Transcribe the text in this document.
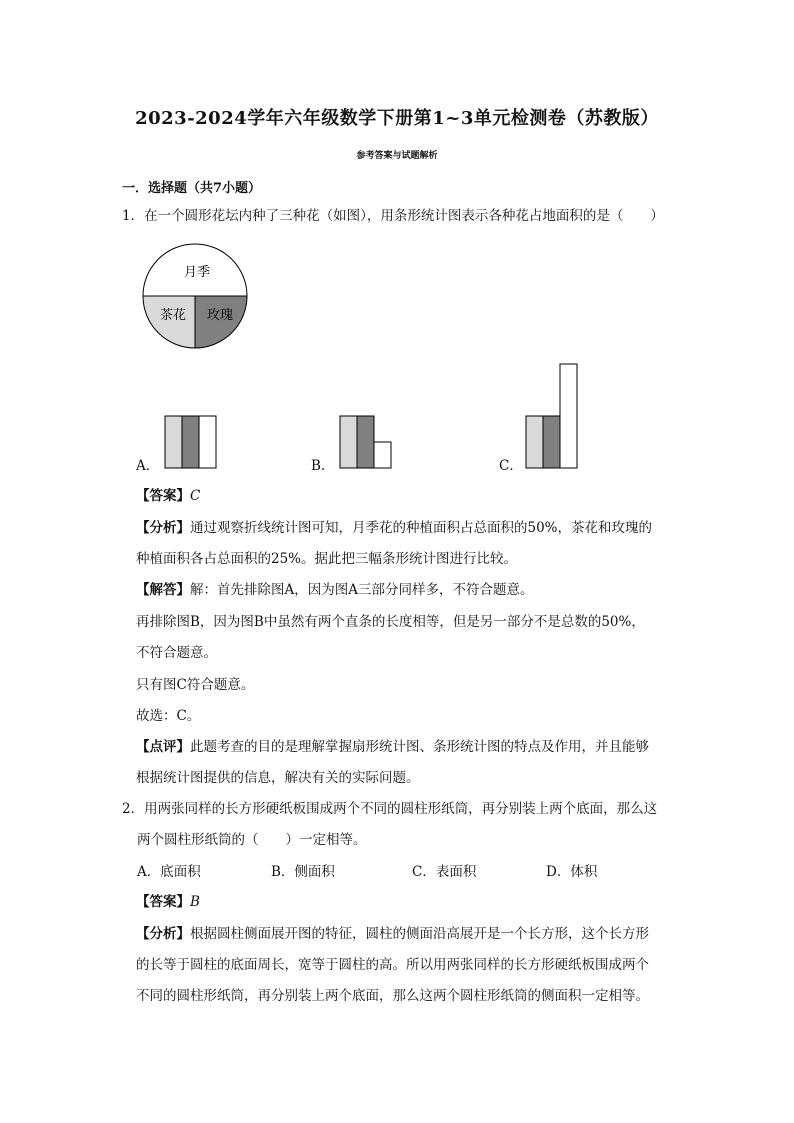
2023-2024学年六年级数学下册第1~3单元检测卷（苏教版）
参考答案与试题解析
一．选择题（共7小题）
1．在一个圆形花坛内种了三种花（如图），用条形统计图表示各种花占地面积的是（　　）
月季
茶花 玫瑰
A．	B．	C．
【答案】C
【分析】通过观察折线统计图可知，月季花的种植面积占总面积的50%，茶花和玫瑰的
种植面积各占总面积的25%。据此把三幅条形统计图进行比较。
【解答】解：首先排除图A，因为图A三部分同样多，不符合题意。
再排除图B，因为图B中虽然有两个直条的长度相等，但是另一部分不是总数的50%，
不符合题意。
只有图C符合题意。
故选：C。
【点评】此题考查的目的是理解掌握扇形统计图、条形统计图的特点及作用，并且能够
根据统计图提供的信息，解决有关的实际问题。
2．用两张同样的长方形硬纸板围成两个不同的圆柱形纸筒，再分别装上两个底面，那么这
两个圆柱形纸筒的（　　）一定相等。
A．底面积	B．侧面积	C．表面积	D．体积
【答案】B
【分析】根据圆柱侧面展开图的特征，圆柱的侧面沿高展开是一个长方形，这个长方形
的长等于圆柱的底面周长，宽等于圆柱的高。所以用两张同样的长方形硬纸板围成两个
不同的圆柱形纸筒，再分别装上两个底面，那么这两个圆柱形纸筒的侧面积一定相等。
